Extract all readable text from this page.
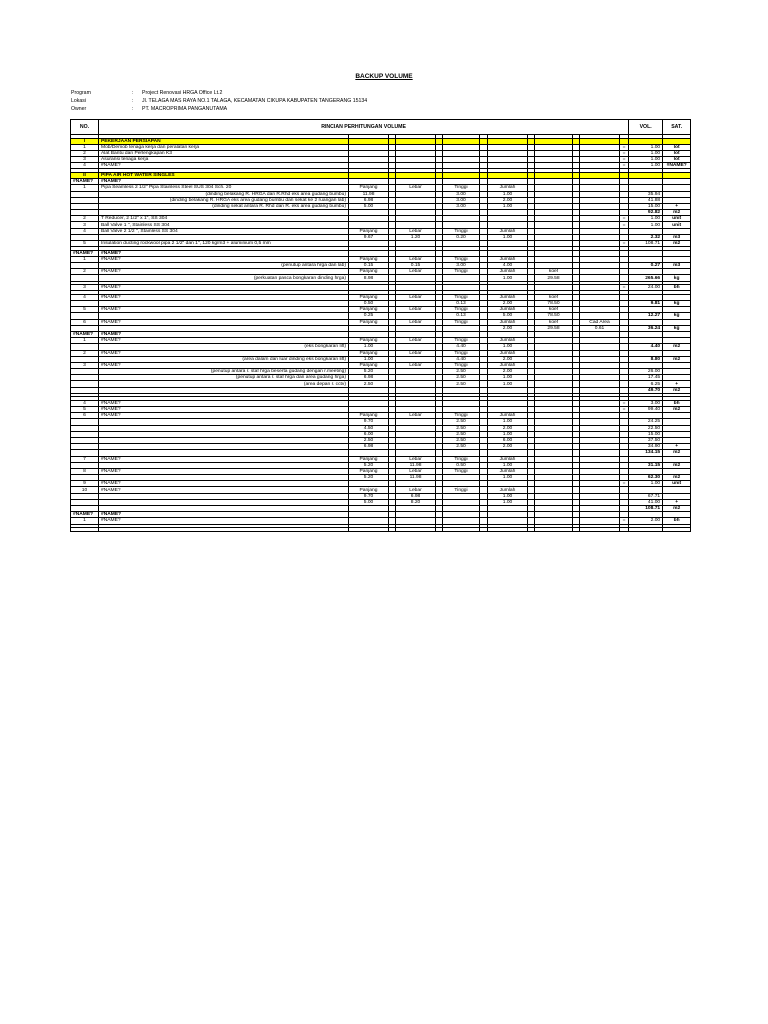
BACKUP VOLUME
Program	:	Project Renovasi HRGA Office Lt.2
Lokasi	:	Jl. TELAGA MAS RAYA NO.1 TALAGA, KECAMATAN CIKUPA KABUPATEN TANGERANG 15134
Owner	:	PT. MACROPRIMA PANGANUTAMA
NO.	RINCIAN PERHITUNGAN VOLUME													VOL.	SAT.

I	PEKERJAAN PERSIAPAN														
1	Mob/Demob tenaga kerja dan peralatan kerja												=	1.00	lot
2	Alat Bantu dan Perlengkapan K3												=	1.00	lot
3	Asuransi tenaga kerja												=	1.00	lot
4	#NAME?												=	1.00	#NAME?

II	PIPA AIR HOT WATER SINGLES														
#NAME?	#NAME?														
1	Pipa Seamless 2 1/2" Pipa Stainless Steel SUS 304 Sch. 20	Panjang		Lebar		Tinggi		Jumlah							
	(dinding belakang R. HRGA dan R.Rhd eks area gudang bumbu)	11.98				3.00		1.00						35.94	
	(dinding belakang R. HRGA eks area gudang bumbu dan sekat ke 2 ruangan lab)	6.98				3.00		2.00						41.88	
	(dinding sekat antara R. Rhd dan R. eks area gudang bumbu)	5.00				3.00		1.00						15.00	+
														92.82	m2
2	T Reducer, 2 1/2" x 1", SS 304												=	1.00	unit
3	Ball Valve 1 ", Stainless SS 304												=	1.00	unit
4	Ball Valve 2 1/2 ", Stainless SS 304	Panjang		Lebar		Tinggi		Jumlah							
		9.67		1.20		0.20		1.00						2.32	m3
5	Insulation ducting rockwool pipa 2 1/2" dan 1", 120 kg/m3 + aluminium 0,5 mm												=	108.71	m2

#NAME?	#NAME?														
1	#NAME?	Panjang		Lebar		Tinggi		Jumlah							
	(penutup antara hrga dan lab)	0.15		0.15		3.00		4.00						0.27	m3
2	#NAME?	Panjang		Lebar		Tinggi		Jumlah		koef					
	(perkuatan pasca bongkaran dinding hrga)	8.98						1.00		29.58				265.66	kg

3	#NAME?												=	24.00	bh

4	#NAME?	Panjang		Lebar		Tinggi		Jumlah		koef					
		0.50				0.13		2.00		78.50				9.81	kg
5	#NAME?	Panjang		Lebar		Tinggi		Jumlah		koef					
		0.25				0.13		5.00		78.50				12.27	kg
6	#NAME?	Panjang		Lebar		Tinggi		Jumlah		koef		Cad Area			
								2.00		29.58		0.61		36.24	kg
#NAME?	#NAME?														
1	#NAME?	Panjang		Lebar		Tinggi		Jumlah							
	(eks bongkaran lift)	1.00				4.40		1.00						4.40	m2
2	#NAME?	Panjang		Lebar		Tinggi		Jumlah							
	(area dalam dan luar dinding eks bongkaran lift)	1.00				4.40		2.00						8.80	m2
3	#NAME?	Panjang		Lebar		Tinggi		Jumlah							
	(penutup antara r. staf hrga beserta gudang dengan r.meeting)	5.20				2.50		2.00						26.00	
	(penutup antara r. staf hrga dan area gudang hrga)	6.98				2.50		1.00						17.45	
	(area depan r. cctv)	2.50				2.50		1.00						6.25	+
														49.70	m2

4	#NAME?												=	3.00	bh
5	#NAME?												=	99.40	m2
6	#NAME?	Panjang		Lebar		Tinggi		Jumlah							
		9.70				2.50		1.00						24.25	
		4.50				2.50		2.00						22.50	
		6.00				2.50		1.00						15.00	
		2.50				2.50		6.00						37.50	
		6.98				2.50		2.00						34.90	+
														134.15	m2
7	#NAME?	Panjang		Lebar		Tinggi		Jumlah							
		5.20		11.98		0.50		1.00						31.15	m2
8	#NAME?	Panjang		Lebar		Tinggi		Jumlah							
		5.20		11.98				1.00						62.30	m2
9	#NAME?												=	1.00	unit
10	#NAME?	Panjang		Lebar		Tinggi		Jumlah							
		9.70		6.98				1.00						67.71	
		5.00		8.20				1.00						41.00	+
														108.71	m2
#NAME?	#NAME?														
1	#NAME?												=	2.00	bh
